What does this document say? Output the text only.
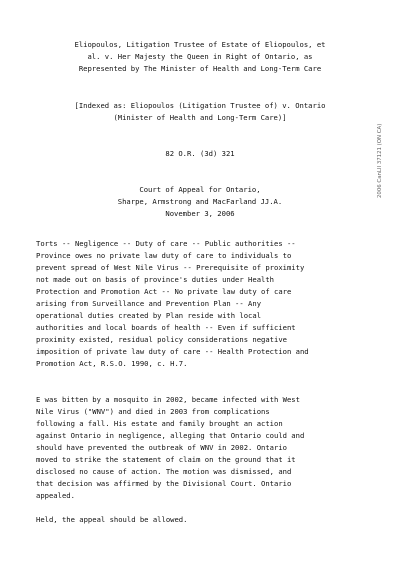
Eliopoulos, Litigation Trustee of Estate of Eliopoulos, et
al. v. Her Majesty the Queen in Right of Ontario, as
Represented by The Minister of Health and Long-Term Care
[Indexed as: Eliopoulos (Litigation Trustee of) v. Ontario
(Minister of Health and Long-Term Care)]
82 O.R. (3d) 321
Court of Appeal for Ontario,
Sharpe, Armstrong and MacFarland JJ.A.
November 3, 2006
Torts -- Negligence -- Duty of care -- Public authorities --
Province owes no private law duty of care to individuals to
prevent spread of West Nile Virus -- Prerequisite of proximity
not made out on basis of province's duties under Health
Protection and Promotion Act -- No private law duty of care
arising from Surveillance and Prevention Plan -- Any
operational duties created by Plan reside with local
authorities and local boards of health -- Even if sufficient
proximity existed, residual policy considerations negative
imposition of private law duty of care -- Health Protection and
Promotion Act, R.S.O. 1990, c. H.7.
E was bitten by a mosquito in 2002, became infected with West
Nile Virus ("WNV") and died in 2003 from complications
following a fall. His estate and family brought an action
against Ontario in negligence, alleging that Ontario could and
should have prevented the outbreak of WNV in 2002. Ontario
moved to strike the statement of claim on the ground that it
disclosed no cause of action. The motion was dismissed, and
that decision was affirmed by the Divisional Court. Ontario
appealed.
Held, the appeal should be allowed.
2006 CanLII 37121 (ON CA)
